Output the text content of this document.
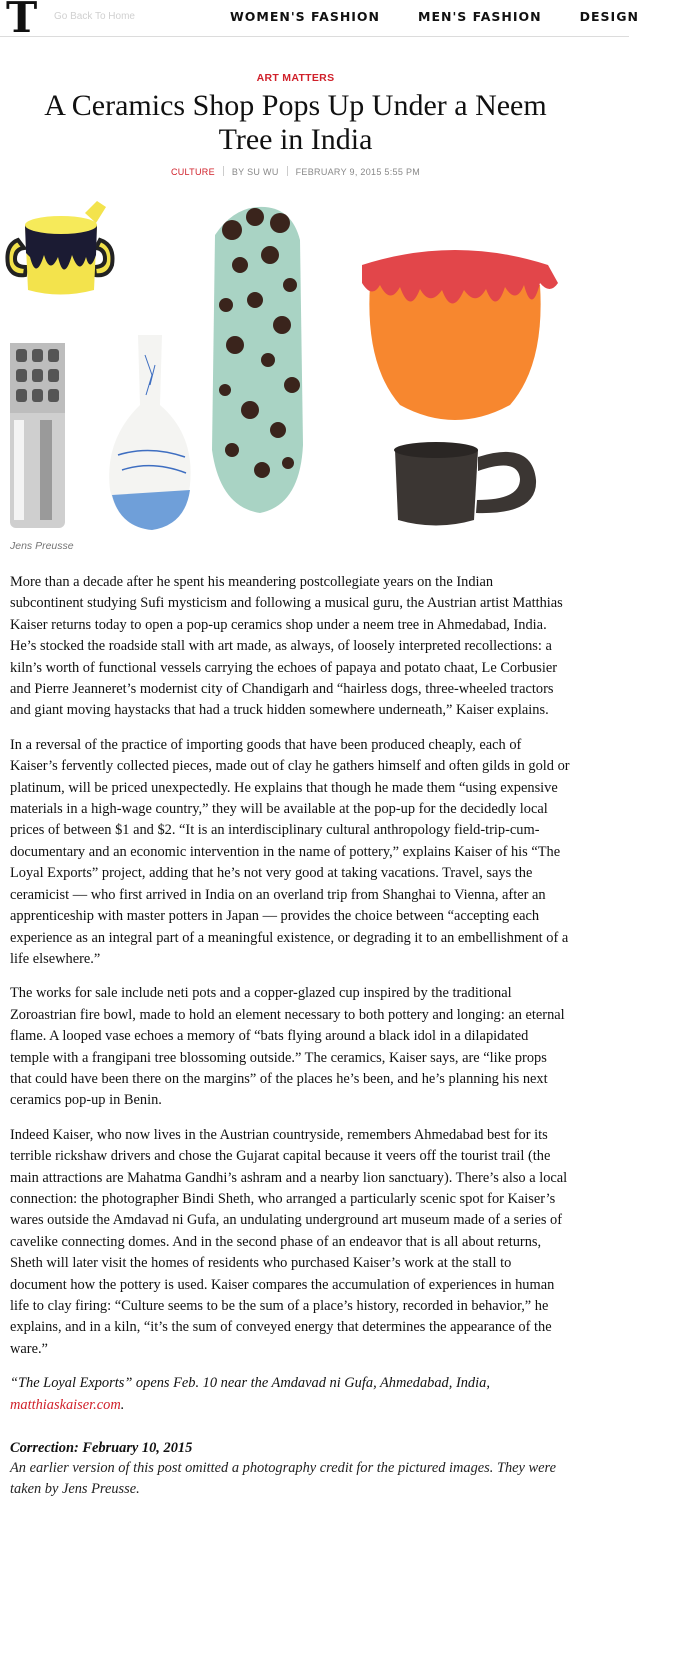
T Go Back To Home	WOMEN'S FASHION	MEN'S FASHION	DESIGN
ART MATTERS
A Ceramics Shop Pops Up Under a Neem Tree in India
CULTURE BY SU WU FEBRUARY 9, 2015 5:55 PM
Jens Preusse

More than a decade after he spent his meandering postcollegiate years on the Indian subcontinent studying Sufi mysticism and following a musical guru, the Austrian artist Matthias Kaiser returns today to open a pop-up ceramics shop under a neem tree in Ahmedabad, India. He’s stocked the roadside stall with art made, as always, of loosely interpreted recollections: a kiln’s worth of functional vessels carrying the echoes of papaya and potato chaat, Le Corbusier and Pierre Jeanneret’s modernist city of Chandigarh and “hairless dogs, three-wheeled tractors and giant moving haystacks that had a truck hidden somewhere underneath,” Kaiser explains.

In a reversal of the practice of importing goods that have been produced cheaply, each of Kaiser’s fervently collected pieces, made out of clay he gathers himself and often gilds in gold or platinum, will be priced unexpectedly. He explains that though he made them “using expensive materials in a high-wage country,” they will be available at the pop-up for the decidedly local prices of between $1 and $2. “It is an interdisciplinary cultural anthropology field-trip-cum-documentary and an economic intervention in the name of pottery,” explains Kaiser of his “The Loyal Exports” project, adding that he’s not very good at taking vacations. Travel, says the ceramicist — who first arrived in India on an overland trip from Shanghai to Vienna, after an apprenticeship with master potters in Japan — provides the choice between “accepting each experience as an integral part of a meaningful existence, or degrading it to an embellishment of a life elsewhere.”

The works for sale include neti pots and a copper-glazed cup inspired by the traditional Zoroastrian fire bowl, made to hold an element necessary to both pottery and longing: an eternal flame. A looped vase echoes a memory of “bats flying around a black idol in a dilapidated temple with a frangipani tree blossoming outside.” The ceramics, Kaiser says, are “like props that could have been there on the margins” of the places he’s been, and he’s planning his next ceramics pop-up in Benin.

Indeed Kaiser, who now lives in the Austrian countryside, remembers Ahmedabad best for its terrible rickshaw drivers and chose the Gujarat capital because it veers off the tourist trail (the main attractions are Mahatma Gandhi’s ashram and a nearby lion sanctuary). There’s also a local connection: the photographer Bindi Sheth, who arranged a particularly scenic spot for Kaiser’s wares outside the Amdavad ni Gufa, an undulating underground art museum made of a series of cavelike connecting domes. And in the second phase of an endeavor that is all about returns, Sheth will later visit the homes of residents who purchased Kaiser’s work at the stall to document how the pottery is used. Kaiser compares the accumulation of experiences in human life to clay firing: “Culture seems to be the sum of a place’s history, recorded in behavior,” he explains, and in a kiln, “it’s the sum of conveyed energy that determines the appearance of the ware.”

“The Loyal Exports” opens Feb. 10 near the Amdavad ni Gufa, Ahmedabad, India, matthiaskaiser.com.

Correction: February 10, 2015

An earlier version of this post omitted a photography credit for the pictured images. They were taken by Jens Preusse.
